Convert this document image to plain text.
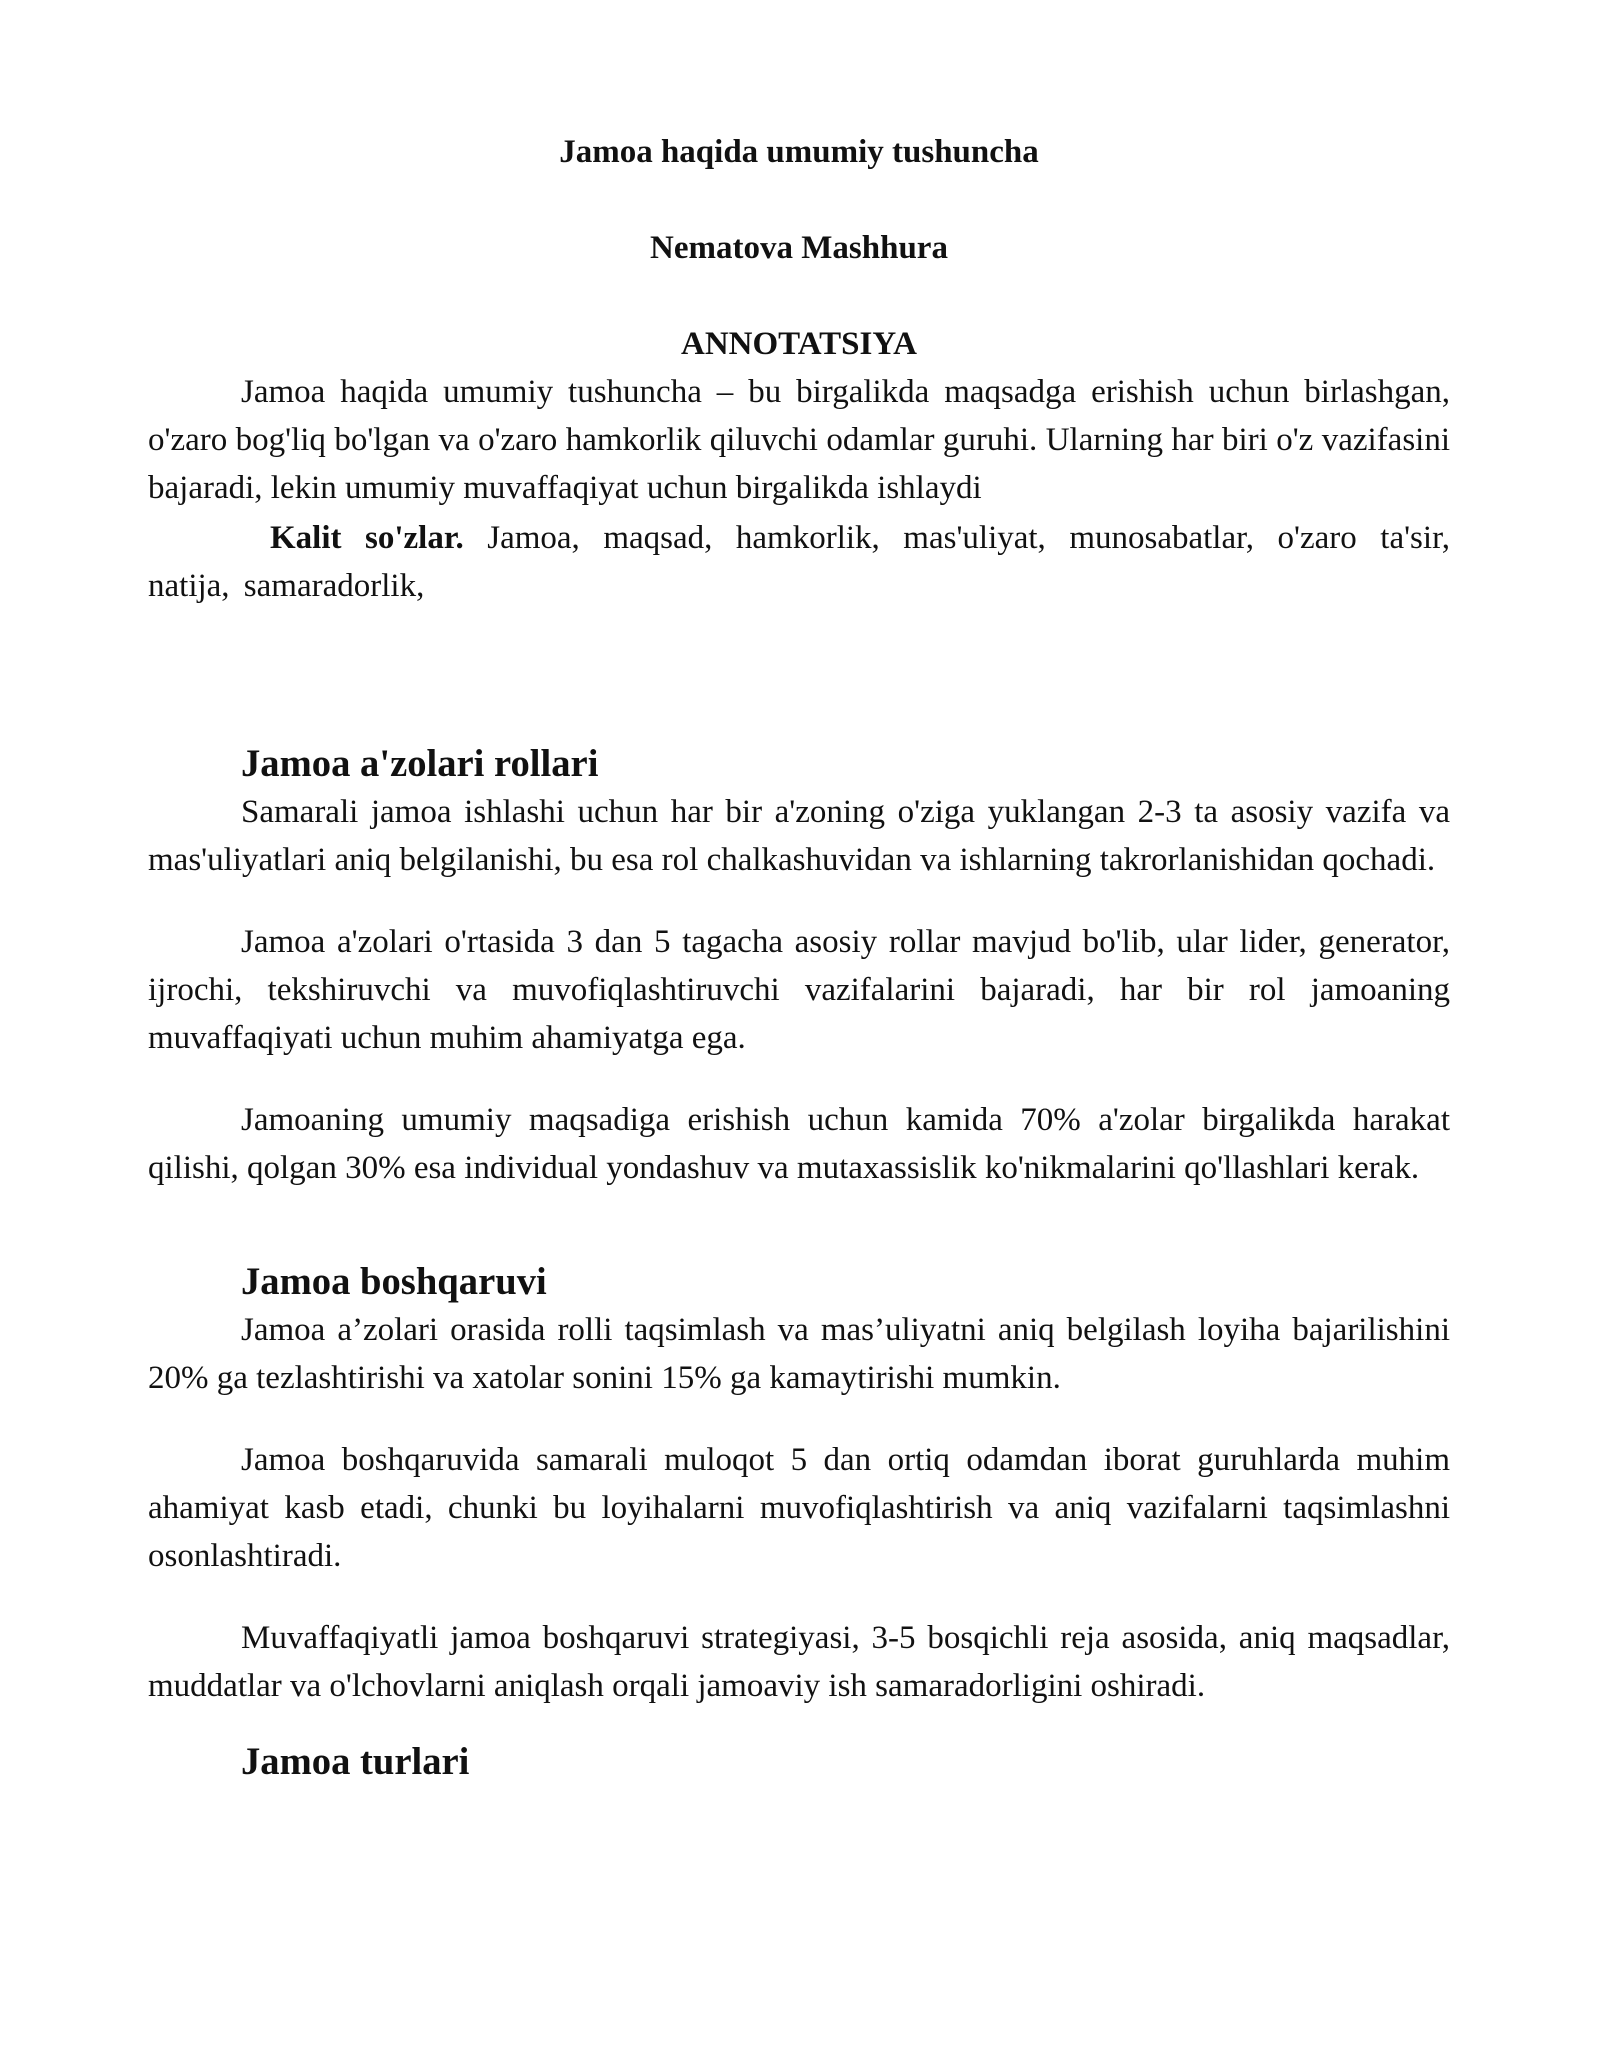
Jamoa haqida umumiy tushuncha
Nematova Mashhura
ANNOTATSIYA

Jamoa haqida umumiy tushuncha – bu birgalikda maqsadga erishish uchun birlashgan, o'zaro bog'liq bo'lgan va o'zaro hamkorlik qiluvchi odamlar guruhi. Ularning har biri o'z vazifasini bajaradi, lekin umumiy muvaffaqiyat uchun birgalikda ishlaydi

Kalit so'zlar. Jamoa, maqsad, hamkorlik, mas'uliyat, munosabatlar, o'zaro ta'sir, natija, samaradorlik,

Jamoa a'zolari rollari

Samarali jamoa ishlashi uchun har bir a'zoning o'ziga yuklangan 2-3 ta asosiy vazifa va mas'uliyatlari aniq belgilanishi, bu esa rol chalkashuvidan va ishlarning takrorlanishidan qochadi.

Jamoa a'zolari o'rtasida 3 dan 5 tagacha asosiy rollar mavjud bo'lib, ular lider, generator, ijrochi, tekshiruvchi va muvofiqlashtiruvchi vazifalarini bajaradi, har bir rol jamoaning muvaffaqiyati uchun muhim ahamiyatga ega.

Jamoaning umumiy maqsadiga erishish uchun kamida 70% a'zolar birgalikda harakat qilishi, qolgan 30% esa individual yondashuv va mutaxassislik ko'nikmalarini qo'llashlari kerak.

Jamoa boshqaruvi

Jamoa a’zolari orasida rolli taqsimlash va mas’uliyatni aniq belgilash loyiha bajarilishini 20% ga tezlashtirishi va xatolar sonini 15% ga kamaytirishi mumkin.

Jamoa boshqaruvida samarali muloqot 5 dan ortiq odamdan iborat guruhlarda muhim ahamiyat kasb etadi, chunki bu loyihalarni muvofiqlashtirish va aniq vazifalarni taqsimlashni osonlashtiradi.

Muvaffaqiyatli jamoa boshqaruvi strategiyasi, 3-5 bosqichli reja asosida, aniq maqsadlar, muddatlar va o'lchovlarni aniqlash orqali jamoaviy ish samaradorligini oshiradi.

Jamoa turlari
